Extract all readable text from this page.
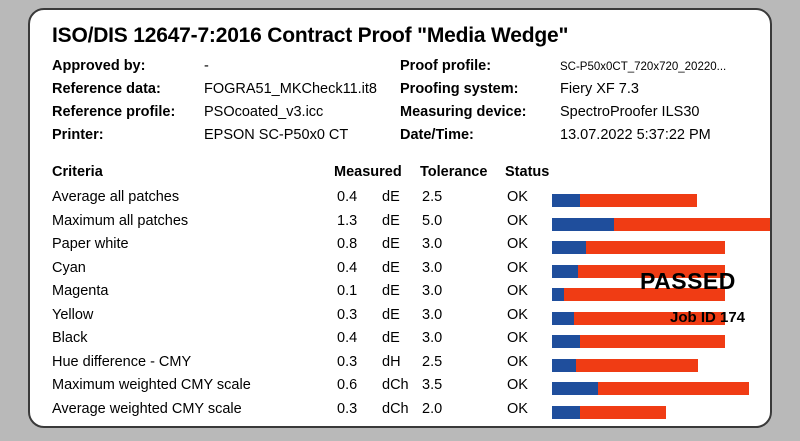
ISO/DIS 12647-7:2016 Contract Proof "Media Wedge"
Approved by:	-
Reference data:	FOGRA51_MKCheck11.it8
Reference profile:	PSOcoated_v3.icc
Printer:	EPSON SC-P50x0 CT
Proof profile:	SC-P50x0CT_720x720_20220...
Proofing system:	Fiery XF 7.3
Measuring device:	SpectroProofer ILS30
Date/Time:	13.07.2022 5:37:22 PM
Criteria	Measured Tolerance Status
Average all patches	0.4 dE 2.5	OK
Maximum all patches	1.3 dE 5.0	OK
Paper white	0.8 dE 3.0	OK
Cyan	0.4 dE 3.0	OK
Magenta	0.1 dE 3.0	OK
Yellow	0.3 dE 3.0	OK
Black	0.4 dE 3.0	OK
Hue difference - CMY	0.3 dH 2.5	OK
Maximum weighted CMY scale	0.6 dCh 3.5	OK
Average weighted CMY scale	0.3 dCh 2.0	OK
PASSED
Job ID 174
